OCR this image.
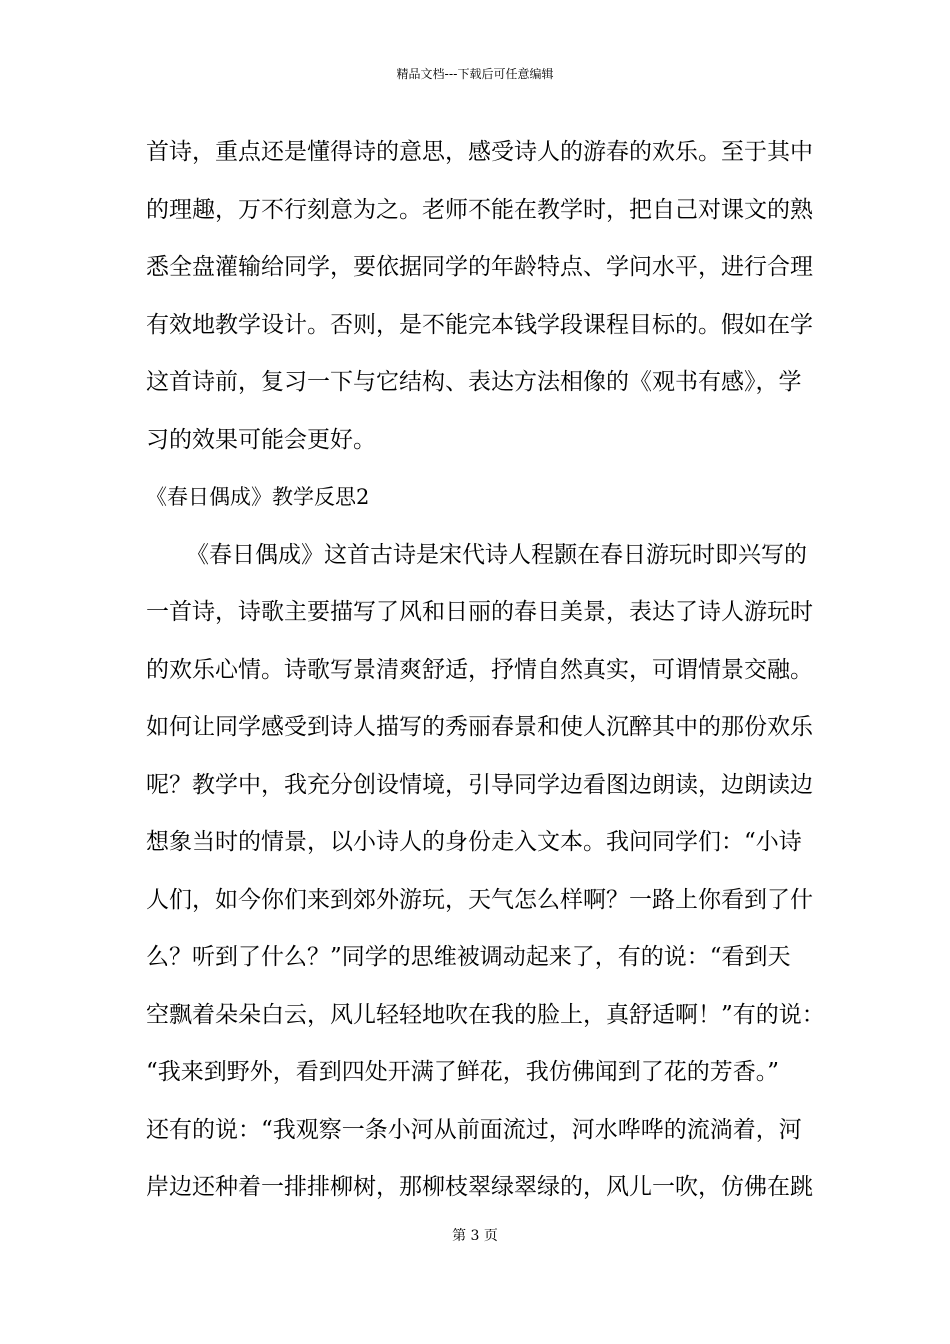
精品文档---下载后可任意编辑
首诗，重点还是懂得诗的意思，感受诗人的游春的欢乐。至于其中
的理趣，万不行刻意为之。老师不能在教学时，把自己对课文的熟
悉全盘灌输给同学，要依据同学的年龄特点、学问水平，进行合理
有效地教学设计。否则，是不能完本钱学段课程目标的。假如在学
这首诗前，复习一下与它结构、表达方法相像的《观书有感》，学
习的效果可能会更好。
《春日偶成》教学反思2
《春日偶成》这首古诗是宋代诗人程颢在春日游玩时即兴写的
一首诗，诗歌主要描写了风和日丽的春日美景，表达了诗人游玩时
的欢乐心情。诗歌写景清爽舒适，抒情自然真实，可谓情景交融。
如何让同学感受到诗人描写的秀丽春景和使人沉醉其中的那份欢乐
呢？教学中，我充分创设情境，引导同学边看图边朗读，边朗读边
想象当时的情景，以小诗人的身份走入文本。我问同学们：“小诗
人们，如今你们来到郊外游玩，天气怎么样啊？一路上你看到了什
么？听到了什么？”同学的思维被调动起来了，有的说：“看到天
空飘着朵朵白云，风儿轻轻地吹在我的脸上，真舒适啊！”有的说：
“我来到野外，看到四处开满了鲜花，我仿佛闻到了花的芳香。”
还有的说：“我观察一条小河从前面流过，河水哗哗的流淌着，河
岸边还种着一排排柳树，那柳枝翠绿翠绿的，风儿一吹，仿佛在跳
第 3 页
